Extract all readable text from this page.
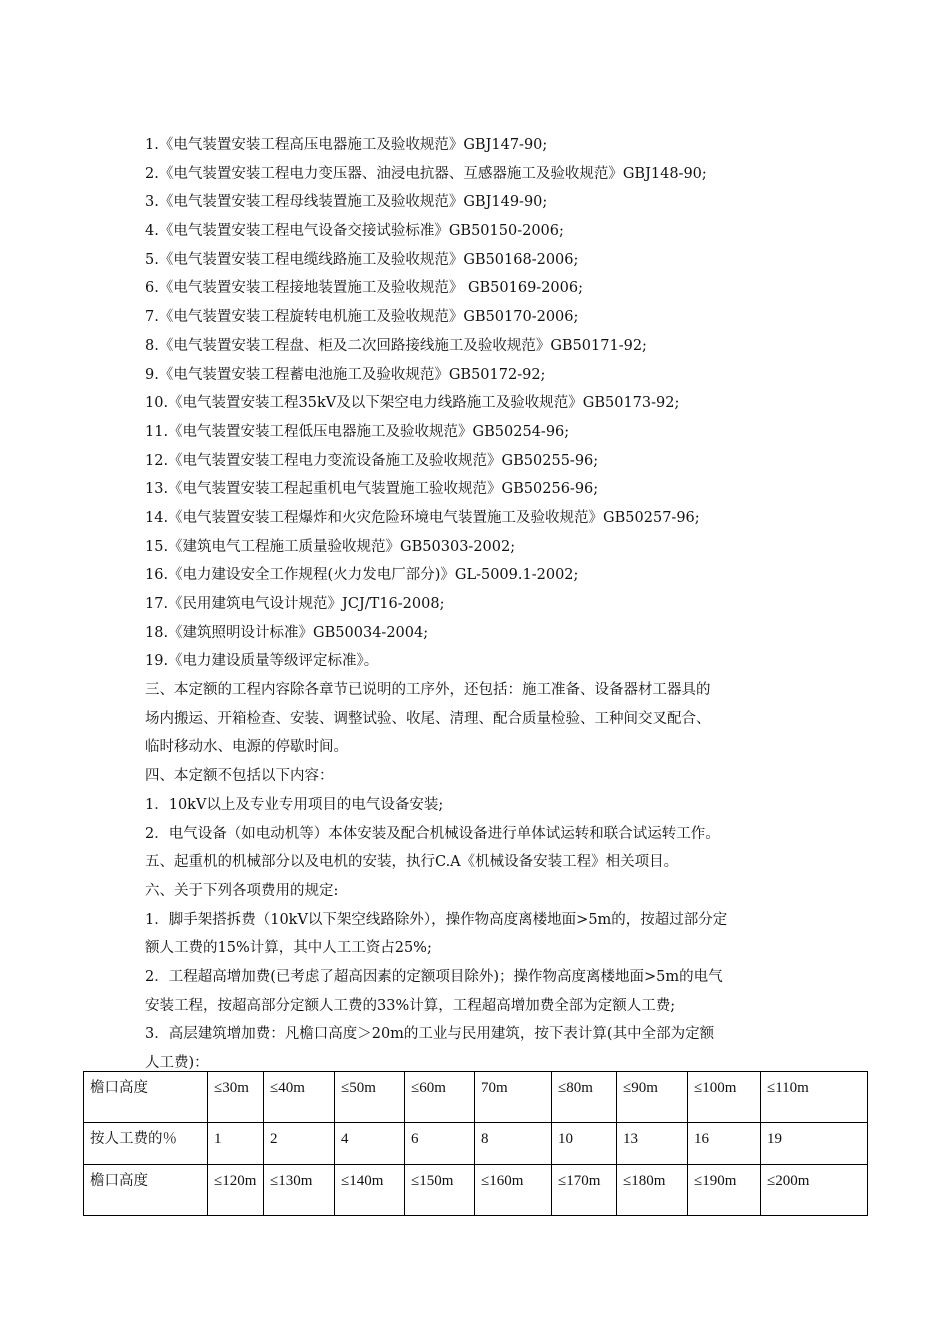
1.《电气装置安装工程高压电器施工及验收规范》GBJ147-90;
2.《电气装置安装工程电力变压器、油浸电抗器、互感器施工及验收规范》GBJ148-90;
3.《电气装置安装工程母线装置施工及验收规范》GBJ149-90;
4.《电气装置安装工程电气设备交接试验标准》GB50150-2006;
5.《电气装置安装工程电缆线路施工及验收规范》GB50168-2006;
6.《电气装置安装工程接地装置施工及验收规范》 GB50169-2006;
7.《电气装置安装工程旋转电机施工及验收规范》GB50170-2006;
8.《电气装置安装工程盘、柜及二次回路接线施工及验收规范》GB50171-92;
9.《电气装置安装工程蓄电池施工及验收规范》GB50172-92;
10.《电气装置安装工程35kV及以下架空电力线路施工及验收规范》GB50173-92;
11.《电气装置安装工程低压电器施工及验收规范》GB50254-96;
12.《电气装置安装工程电力变流设备施工及验收规范》GB50255-96;
13.《电气装置安装工程起重机电气装置施工验收规范》GB50256-96;
14.《电气装置安装工程爆炸和火灾危险环境电气装置施工及验收规范》GB50257-96;
15.《建筑电气工程施工质量验收规范》GB50303-2002;
16.《电力建设安全工作规程(火力发电厂部分)》GL-5009.1-2002;
17.《民用建筑电气设计规范》JCJ/T16-2008;
18.《建筑照明设计标准》GB50034-2004;
19.《电力建设质量等级评定标准》。
三、本定额的工程内容除各章节已说明的工序外，还包括：施工准备、设备器材工器具的
场内搬运、开箱检查、安装、调整试验、收尾、清理、配合质量检验、工种间交叉配合、
临时移动水、电源的停歇时间。
四、本定额不包括以下内容：
1．10kV以上及专业专用项目的电气设备安装;
2．电气设备（如电动机等）本体安装及配合机械设备进行单体试运转和联合试运转工作。
五、起重机的机械部分以及电机的安装，执行C.A《机械设备安装工程》相关项目。
六、关于下列各项费用的规定:
1．脚手架搭拆费（10kV以下架空线路除外），操作物高度离楼地面>5m的，按超过部分定
额人工费的15%计算，其中人工工资占25%;
2．工程超高增加费(已考虑了超高因素的定额项目除外)；操作物高度离楼地面>5m的电气
安装工程，按超高部分定额人工费的33%计算，工程超高增加费全部为定额人工费;
3．高层建筑增加费：凡檐口高度＞20m的工业与民用建筑，按下表计算(其中全部为定额
人工费)：
檐口高度	≤30m	≤40m	≤50m	≤60m	70m	≤80m	≤90m	≤100m	≤110m
按人工费的％	1	2	4	6	8	10	13	16	19
檐口高度	≤120m	≤130m	≤140m	≤150m	≤160m	≤170m	≤180m	≤190m	≤200m
